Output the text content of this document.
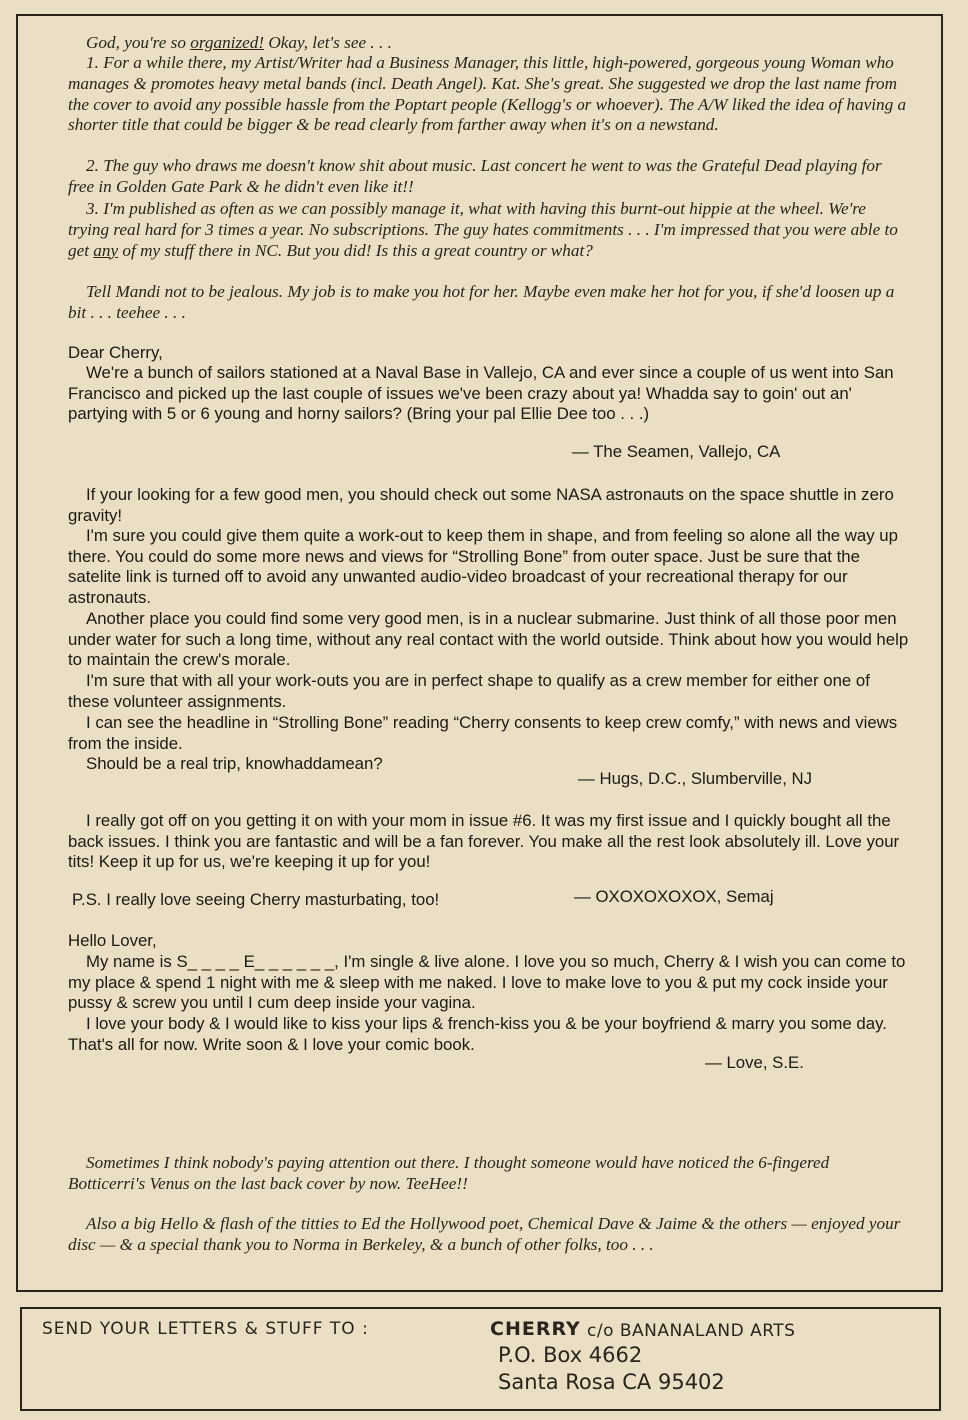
God, you're so organized! Okay, let's see . . .

1. For a while there, my Artist/Writer had a Business Manager, this little, high-powered, gorgeous young Woman who manages & promotes heavy metal bands (incl. Death Angel). Kat. She's great. She suggested we drop the last name from the cover to avoid any possible hassle from the Poptart people (Kellogg's or whoever). The A/W liked the idea of having a shorter title that could be bigger & be read clearly from farther away when it's on a newstand.

2. The guy who draws me doesn't know shit about music. Last concert he went to was the Grateful Dead playing for free in Golden Gate Park & he didn't even like it!!

3. I'm published as often as we can possibly manage it, what with having this burnt-out hippie at the wheel. We're trying real hard for 3 times a year. No subscriptions. The guy hates commitments . . . I'm impressed that you were able to get any of my stuff there in NC. But you did! Is this a great country or what?

Tell Mandi not to be jealous. My job is to make you hot for her. Maybe even make her hot for you, if she'd loosen up a bit . . . teehee . . .

Dear Cherry,

We're a bunch of sailors stationed at a Naval Base in Vallejo, CA and ever since a couple of us went into San Francisco and picked up the last couple of issues we've been crazy about ya! Whadda say to goin' out an' partying with 5 or 6 young and horny sailors? (Bring your pal Ellie Dee too . . .)

— The Seamen, Vallejo, CA

If your looking for a few good men, you should check out some NASA astronauts on the space shuttle in zero gravity!

I'm sure you could give them quite a work-out to keep them in shape, and from feeling so alone all the way up there. You could do some more news and views for “Strolling Bone” from outer space. Just be sure that the satelite link is turned off to avoid any unwanted audio-video broadcast of your recreational therapy for our astronauts.

Another place you could find some very good men, is in a nuclear submarine. Just think of all those poor men under water for such a long time, without any real contact with the world outside. Think about how you would help to maintain the crew's morale.

I'm sure that with all your work-outs you are in perfect shape to qualify as a crew member for either one of these volunteer assignments.

I can see the headline in “Strolling Bone” reading “Cherry consents to keep crew comfy,” with news and views from the inside.

Should be a real trip, knowhaddamean?

— Hugs, D.C., Slumberville, NJ

I really got off on you getting it on with your mom in issue #6. It was my first issue and I quickly bought all the back issues. I think you are fantastic and will be a fan forever. You make all the rest look absolutely ill. Love your tits! Keep it up for us, we're keeping it up for you!

P.S. I really love seeing Cherry masturbating, too!	— OXOXOXOXOX, Semaj

Hello Lover,

My name is S_ _ _ _ E_ _ _ _ _ _, I'm single & live alone. I love you so much, Cherry & I wish you can come to my place & spend 1 night with me & sleep with me naked. I love to make love to you & put my cock inside your pussy & screw you until I cum deep inside your vagina.

I love your body & I would like to kiss your lips & french-kiss you & be your boyfriend & marry you some day. That's all for now. Write soon & I love your comic book.

— Love, S.E.

Sometimes I think nobody's paying attention out there. I thought someone would have noticed the 6-fingered Botticerri's Venus on the last back cover by now. TeeHee!!

Also a big Hello & flash of the titties to Ed the Hollywood poet, Chemical Dave & Jaime & the others — enjoyed your disc — & a special thank you to Norma in Berkeley, & a bunch of other folks, too . . .

SEND YOUR LETTERS & STUFF TO :	CHERRY c/o BANANALAND ARTS
P.O. Box 4662
Santa Rosa CA 95402
